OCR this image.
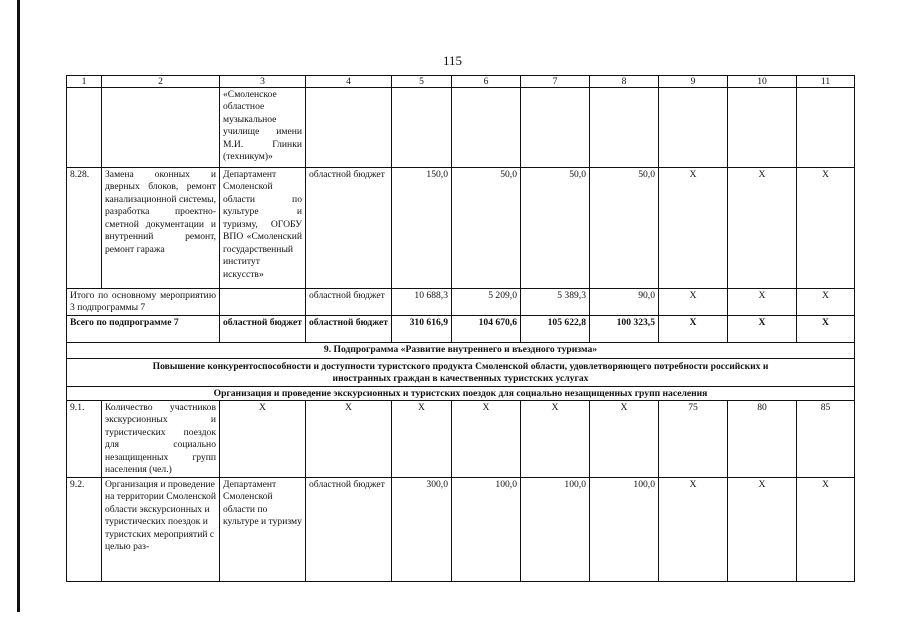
115
1	2	3	4	5	6	7	8	9	10	11
		«Смоленское областное музыкальное училище имени М.И. Глинки (техникум)»								
8.28.	Замена оконных и дверных блоков, ремонт канализационной системы, разработка проектно-сметной документации и внутренний ремонт, ремонт гаража	Департамент Смоленской области по культуре и туризму, ОГОБУ ВПО «Смоленский государственный институт искусств»	областной бюджет	150,0	50,0	50,0	50,0	X	X	X
Итого по основному мероприятию 3 подпрограммы 7			областной бюджет	10 688,3	5 209,0	5 389,3	90,0	X	X	X
Всего по подпрограмме 7		областной бюджет	областной бюджет	310 616,9	104 670,6	105 622,8	100 323,5	X	X	X
9. Подпрограмма «Развитие внутреннего и въездного туризма»										
Повышение конкурентоспособности и доступности туристского продукта Смоленской области, удовлетворяющего потребности российских и иностранных граждан в качественных туристских услугах										
Организация и проведение экскурсионных и туристских поездок для социально незащищенных групп населения										
9.1.	Количество участников экскурсионных и туристических поездок для социально незащищенных групп населения (чел.)	X	X	X	X	X	X	75	80	85
9.2.	Организация и проведение на территории Смоленской области экскурсионных и туристических поездок и туристских мероприятий с целью раз-	Департамент Смоленской области по культуре и туризму	областной бюджет	300,0	100,0	100,0	100,0	X	X	X
